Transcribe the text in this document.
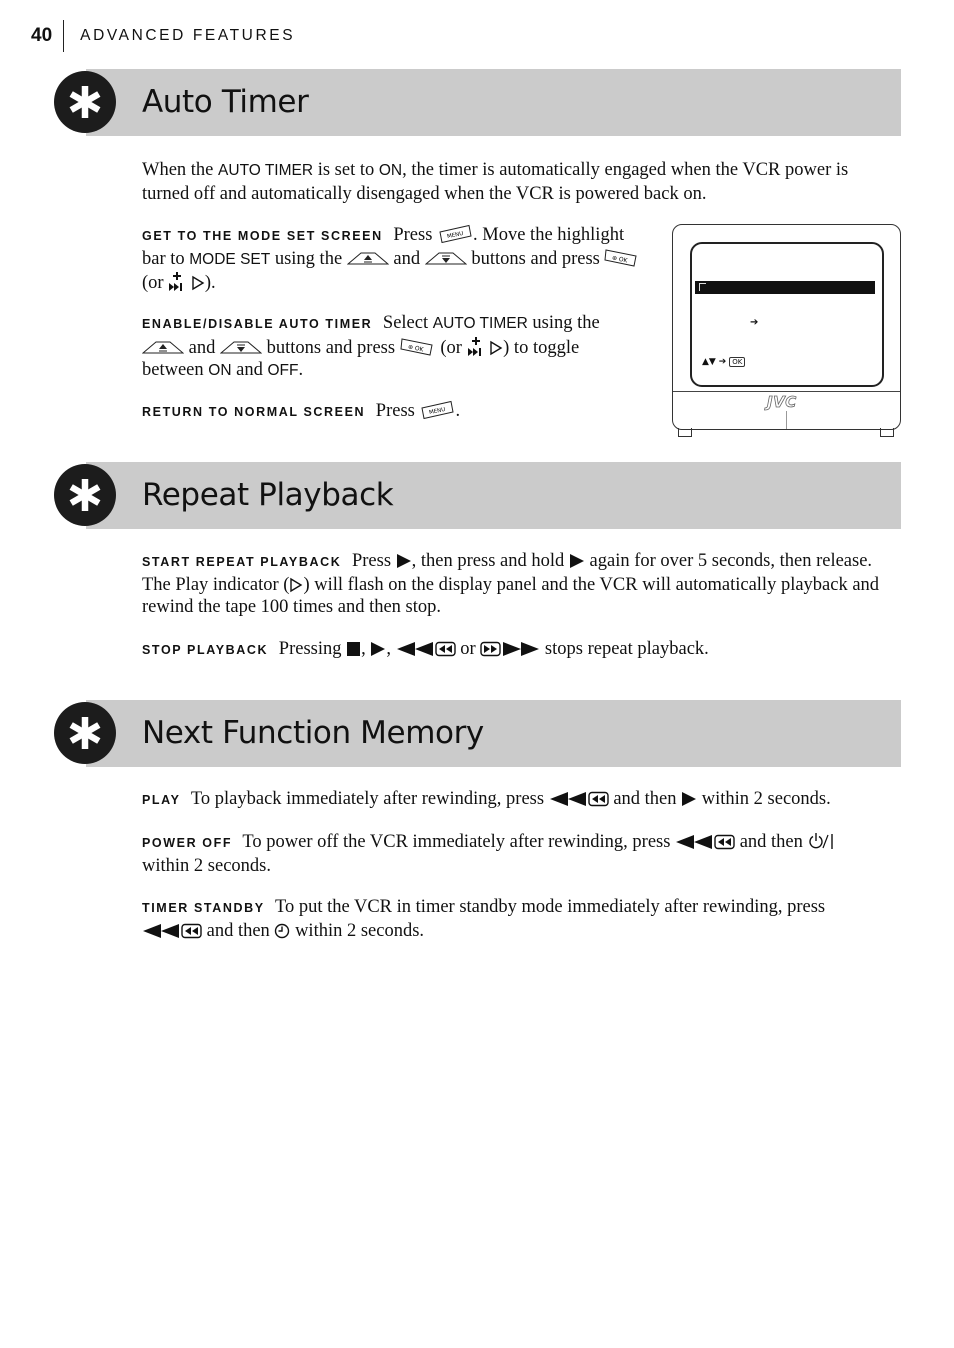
40	ADVANCED FEATURES
Auto Timer

When the AUTO TIMER is set to ON, the timer is automatically engaged when the VCR power is turned off and automatically disengaged when the VCR is powered back on.

GET TO THE MODE SET SCREEN Press MENU . Move the highlight bar to MODE SET using the  and  buttons and press ⊛ OK
(or  ).

ENABLE/DISABLE AUTO TIMER Select AUTO TIMER using the  and  buttons and press ⊛ OK (or  ) to toggle between ON and OFF.

RETURN TO NORMAL SCREEN Press MENU .

➔
▲▼ ➔ OK
JVC
Repeat Playback

START REPEAT PLAYBACK Press , then press and hold  again for over 5 seconds, then release. The Play indicator ( ) will flash on the display panel and the VCR will automatically playback and rewind the tape 100 times and then stop.

STOP PLAYBACK Pressing , ,	or	stops repeat playback.

Next Function Memory

PLAY To playback immediately after rewinding, press	and then  within 2 seconds.

POWER OFF To power off the VCR immediately after rewinding, press	and then  within 2 seconds.

TIMER STANDBY To put the VCR in timer standby mode immediately after rewinding, press  and then  within 2 seconds.
